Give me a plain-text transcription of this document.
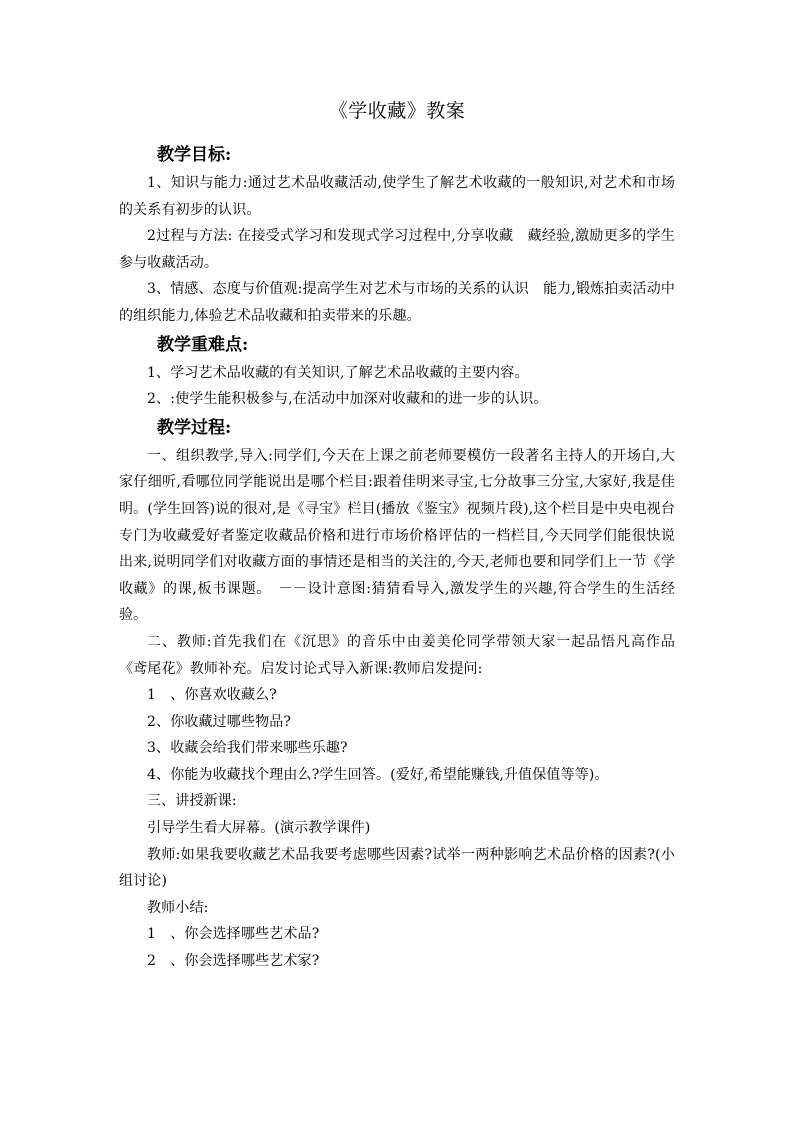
《学收藏》教案
教学目标:

1、知识与能力:通过艺术品收藏活动,使学生了解艺术收藏的一般知识,对艺术和市场的关系有初步的认识。

2过程与方法: 在接受式学习和发现式学习过程中,分享收藏　藏经验,激励更多的学生参与收藏活动。

3、情感、态度与价值观:提高学生对艺术与市场的关系的认识　能力,锻炼拍卖活动中的组织能力,体验艺术品收藏和拍卖带来的乐趣。

教学重难点:

1、学习艺术品收藏的有关知识,了解艺术品收藏的主要内容。

2、:使学生能积极参与,在活动中加深对收藏和的进一步的认识。

教学过程:

一、组织教学,导入:同学们,今天在上课之前老师要模仿一段著名主持人的开场白,大家仔细听,看哪位同学能说出是哪个栏目:跟着佳明来寻宝,七分故事三分宝,大家好,我是佳明。(学生回答)说的很对,是《寻宝》栏目(播放《鉴宝》视频片段),这个栏目是中央电视台专门为收藏爱好者鉴定收藏品价格和进行市场价格评估的一档栏目,今天同学们能很快说出来,说明同学们对收藏方面的事情还是相当的关注的,今天,老师也要和同学们上一节《学收藏》的课,板书课题。　－－设计意图:猜猜看导入,激发学生的兴趣,符合学生的生活经验。

二、教师:首先我们在《沉思》的音乐中由姜美伦同学带领大家一起品悟凡高作品《鸢尾花》教师补充。启发讨论式导入新课:教师启发提问:

1　、你喜欢收藏么?

2、你收藏过哪些物品?

3、收藏会给我们带来哪些乐趣?

4、你能为收藏找个理由么?学生回答。(爱好,希望能赚钱,升值保值等等)。

三、讲授新课:

引导学生看大屏幕。(演示教学课件)

教师:如果我要收藏艺术品我要考虑哪些因素?试举一两种影响艺术品价格的因素?(小组讨论)

教师小结:

1　、你会选择哪些艺术品?

2　、你会选择哪些艺术家?
